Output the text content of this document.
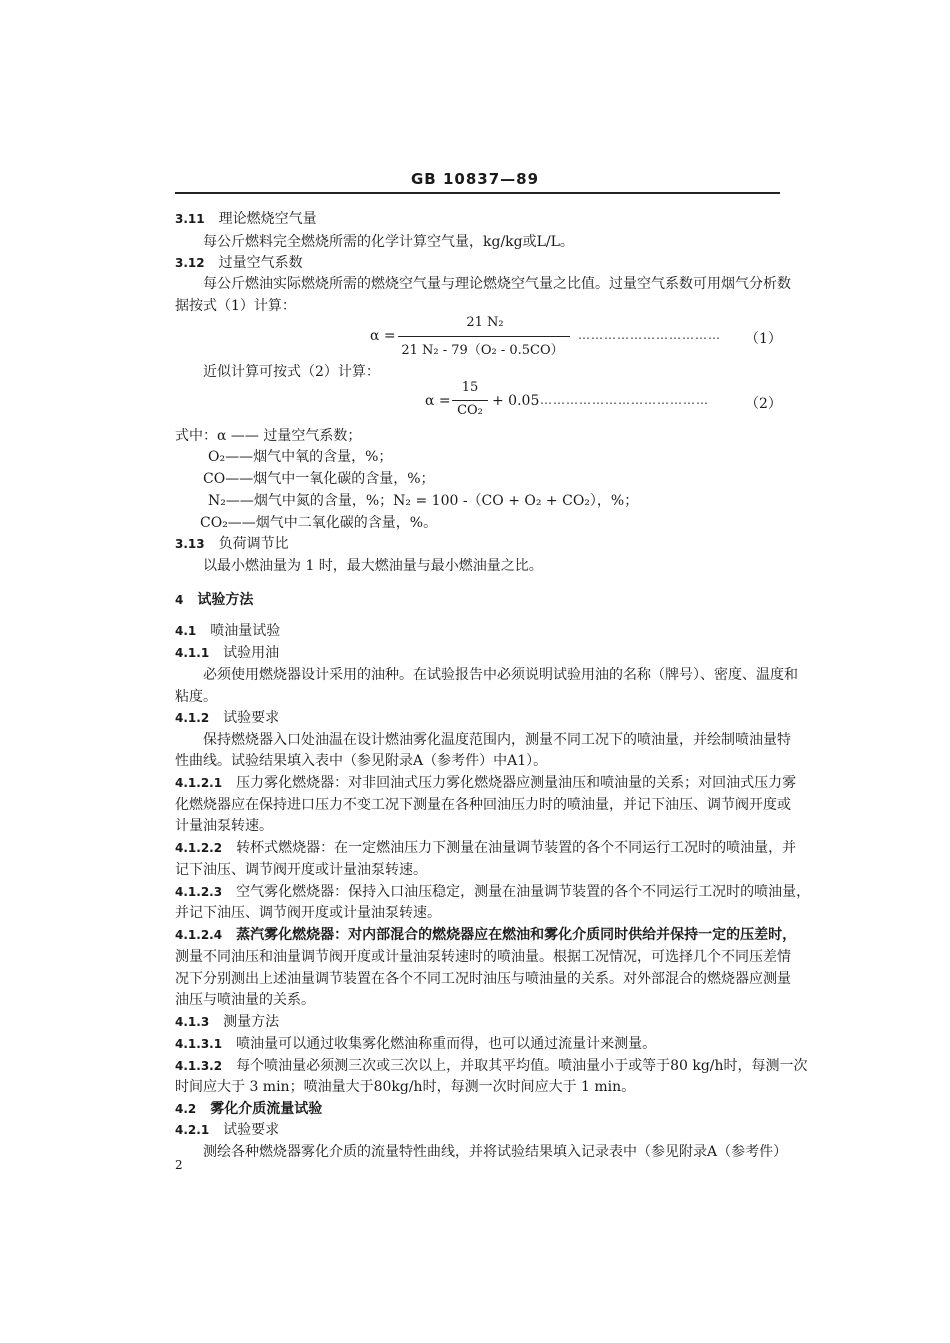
GB 10837—89
3.11 理论燃烧空气量
每公斤燃料完全燃烧所需的化学计算空气量，kg/kg或L/L。
3.12 过量空气系数
每公斤燃油实际燃烧所需的燃烧空气量与理论燃烧空气量之比值。过量空气系数可用烟气分析数
据按式（1）计算：
α =
21 N₂
21 N₂ - 79（O₂ - 0.5CO）
…………………………… （1）
近似计算可按式（2）计算：
α =
15
CO₂
+ 0.05 …………………………………	（2）
式中：α —— 过量空气系数；
O₂——烟气中氧的含量，%；
CO——烟气中一氧化碳的含量，%；
N₂——烟气中氮的含量，%；N₂ = 100 -（CO + O₂ + CO₂），%；
CO₂——烟气中二氧化碳的含量，%。
3.13 负荷调节比
以最小燃油量为 1 时，最大燃油量与最小燃油量之比。
4 试验方法
4.1 喷油量试验
4.1.1 试验用油
必须使用燃烧器设计采用的油种。在试验报告中必须说明试验用油的名称（牌号）、密度、温度和
粘度。
4.1.2 试验要求
保持燃烧器入口处油温在设计燃油雾化温度范围内，测量不同工况下的喷油量，并绘制喷油量特
性曲线。试验结果填入表中（参见附录A（参考件）中A1）。
4.1.2.1 压力雾化燃烧器：对非回油式压力雾化燃烧器应测量油压和喷油量的关系；对回油式压力雾
化燃烧器应在保持进口压力不变工况下测量在各种回油压力时的喷油量，并记下油压、调节阀开度或
计量油泵转速。
4.1.2.2 转杯式燃烧器：在一定燃油压力下测量在油量调节装置的各个不同运行工况时的喷油量，并
记下油压、调节阀开度或计量油泵转速。
4.1.2.3 空气雾化燃烧器：保持入口油压稳定，测量在油量调节装置的各个不同运行工况时的喷油量，
并记下油压、调节阀开度或计量油泵转速。
4.1.2.4 蒸汽雾化燃烧器：对内部混合的燃烧器应在燃油和雾化介质同时供给并保持一定的压差时，
测量不同油压和油量调节阀开度或计量油泵转速时的喷油量。根据工况情况，可选择几个不同压差情
况下分别测出上述油量调节装置在各个不同工况时油压与喷油量的关系。对外部混合的燃烧器应测量
油压与喷油量的关系。
4.1.3 测量方法
4.1.3.1 喷油量可以通过收集雾化燃油称重而得，也可以通过流量计来测量。
4.1.3.2 每个喷油量必须测三次或三次以上，并取其平均值。喷油量小于或等于80 kg/h时，每测一次
时间应大于 3 min；喷油量大于80kg/h时，每测一次时间应大于 1 min。
4.2 雾化介质流量试验
4.2.1 试验要求
测绘各种燃烧器雾化介质的流量特性曲线，并将试验结果填入记录表中（参见附录A（参考件）
2
